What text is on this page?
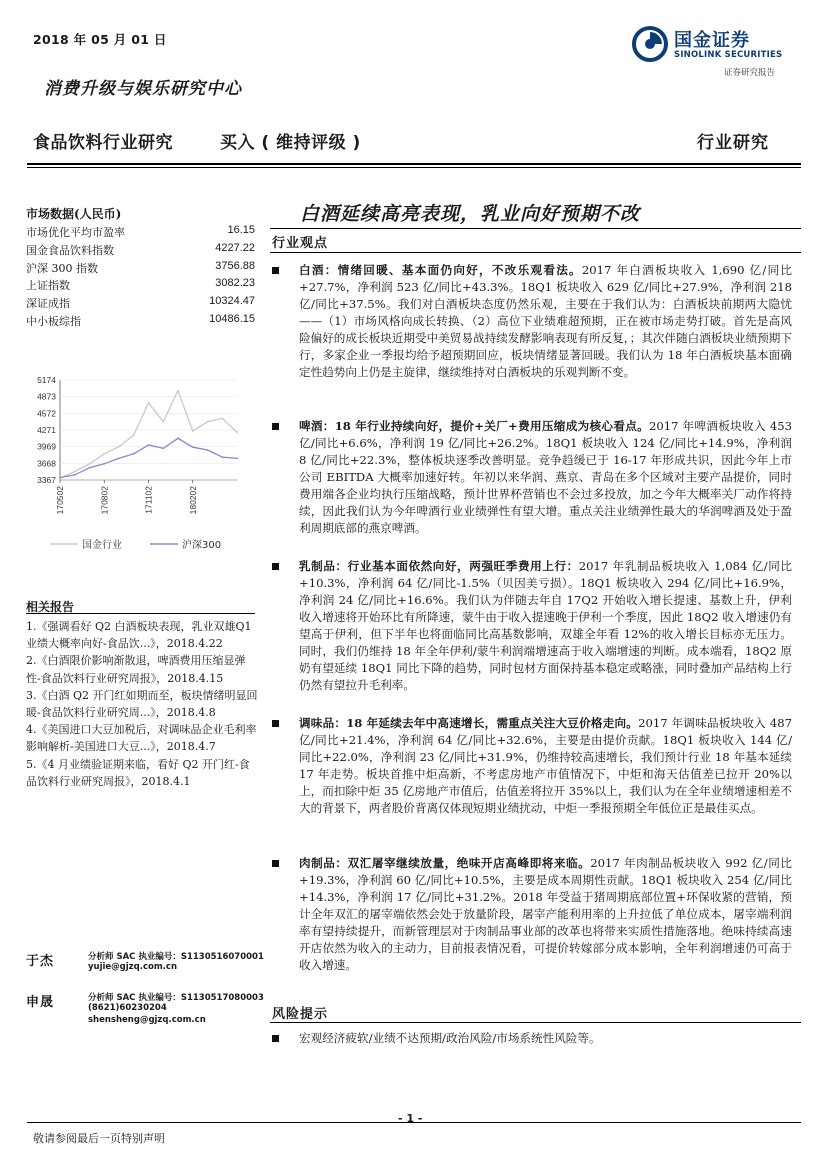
2018 年 05 月 01 日	国金证券
SINOLINK SECURITIES
证券研究报告
消费升级与娱乐研究中心
食品饮料行业研究	买入 ( 维持评级 )	行业研究
市场数据(人民币)
市场优化平均市盈率	16.15
国金食品饮料指数	4227.22
沪深 300 指数	3756.88
上证指数	3082.23
深证成指	10324.47
中小板综指	10486.15
5174
4873
4572
4271
3969
3668
3367
170502	170802	171102	180202
国金行业	沪深300
相关报告
1.《强调看好 Q2 白酒板块表现，乳业双雄Q1 业绩大概率向好-食品饮...》，2018.4.22
2.《白酒限价影响渐散退，啤酒费用压缩显弹性-食品饮料行业研究周报》，2018.4.15
3.《白酒 Q2 开门红如期而至，板块情绪明显回暖-食品饮料行业研究周...》，2018.4.8
4.《美国进口大豆加税后，对调味品企业毛利率影响解析-美国进口大豆...》，2018.4.7
5.《4 月业绩验证期来临，看好 Q2 开门红-食品饮料行业研究周报》，2018.4.1
于杰	分析师 SAC 执业编号：S1130516070001
yujie@gjzq.com.cn
申晟	分析师 SAC 执业编号：S1130517080003
(8621)60230204
shensheng@gjzq.com.cn
白酒延续高亮表现，乳业向好预期不改
行业观点
白酒：情绪回暖、基本面仍向好，不改乐观看法。2017 年白酒板块收入 1,690 亿/同比+27.7%，净利润 523 亿/同比+43.3%。18Q1 板块收入 629 亿/同比+27.9%，净利润 218 亿/同比+37.5%。我们对白酒板块态度仍然乐观，主要在于我们认为：白酒板块前期两大隐忧——（1）市场风格向成长转换、（2）高位下业绩难超预期，正在被市场走势打破。首先是高风险偏好的成长板块近期受中美贸易战持续发酵影响表现有所反复，；其次伴随白酒板块业绩预期下行，多家企业一季报均给予超预期回应，板块情绪显著回暖。我们认为 18 年白酒板块基本面确定性趋势向上仍是主旋律，继续维持对白酒板块的乐观判断不变。
啤酒：18 年行业持续向好，提价+关厂+费用压缩成为核心看点。2017 年啤酒板块收入 453 亿/同比+6.6%，净利润 19 亿/同比+26.2%。18Q1 板块收入 124 亿/同比+14.9%，净利润 8 亿/同比+22.3%，整体板块逐季改善明显。竞争趋缓已于 16-17 年形成共识，因此今年上市公司 EBITDA 大概率加速好转。年初以来华润、燕京、青岛在多个区域对主要产品提价，同时费用端各企业均执行压缩战略，预计世界杯营销也不会过多投放，加之今年大概率关厂动作将持续，因此我们认为今年啤酒行业业绩弹性有望大增。重点关注业绩弹性最大的华润啤酒及处于盈利周期底部的燕京啤酒。
乳制品：行业基本面依然向好，两强旺季费用上行：2017 年乳制品板块收入 1,084 亿/同比+10.3%，净利润 64 亿/同比-1.5%（贝因美亏损）。18Q1 板块收入 294 亿/同比+16.9%，净利润 24 亿/同比+16.6%。我们认为伴随去年自 17Q2 开始收入增长提速、基数上升，伊利收入增速将开始环比有所降速，蒙牛由于收入提速晚于伊利一个季度，因此 18Q2 收入增速仍有望高于伊利，但下半年也将面临同比高基数影响，双雄全年看 12%的收入增长目标亦无压力。同时，我们仍维持 18 年全年伊利/蒙牛利润端增速高于收入端增速的判断。成本端看，18Q2 原奶有望延续 18Q1 同比下降的趋势，同时包材方面保持基本稳定或略涨，同时叠加产品结构上行仍然有望拉升毛利率。
调味品：18 年延续去年中高速增长，需重点关注大豆价格走向。2017 年调味品板块收入 487 亿/同比+21.4%，净利润 64 亿/同比+32.6%，主要是由提价贡献。18Q1 板块收入 144 亿/同比+22.0%，净利润 23 亿/同比+31.9%，仍维持较高速增长，我们预计行业 18 年基本延续 17 年走势。板块首推中炬高新，不考虑房地产市值情况下，中炬和海天估值差已拉开 20%以上，而扣除中炬 35 亿房地产市值后，估值差将拉开 35%以上，我们认为在全年业绩增速相差不大的背景下，两者股价背离仅体现短期业绩扰动，中炬一季报预期全年低位正是最佳买点。
肉制品：双汇屠宰继续放量，绝味开店高峰即将来临。2017 年肉制品板块收入 992 亿/同比+19.3%，净利润 60 亿/同比+10.5%，主要是成本周期性贡献。18Q1 板块收入 254 亿/同比+14.3%，净利润 17 亿/同比+31.2%。2018 年受益于猪周期底部位置+环保收紧的营销，预计全年双汇的屠宰端依然会处于放量阶段，屠宰产能利用率的上升拉低了单位成本，屠宰端利润率有望持续提升，而新管理层对于肉制品事业部的改革也将带来实质性措施落地。绝味持续高速开店依然为收入的主动力，目前报表情况看，可提价转嫁部分成本影响，全年利润增速仍可高于收入增速。
风险提示
宏观经济疲软/业绩不达预期/政治风险/市场系统性风险等。
- 1 -
敬请参阅最后一页特别声明
